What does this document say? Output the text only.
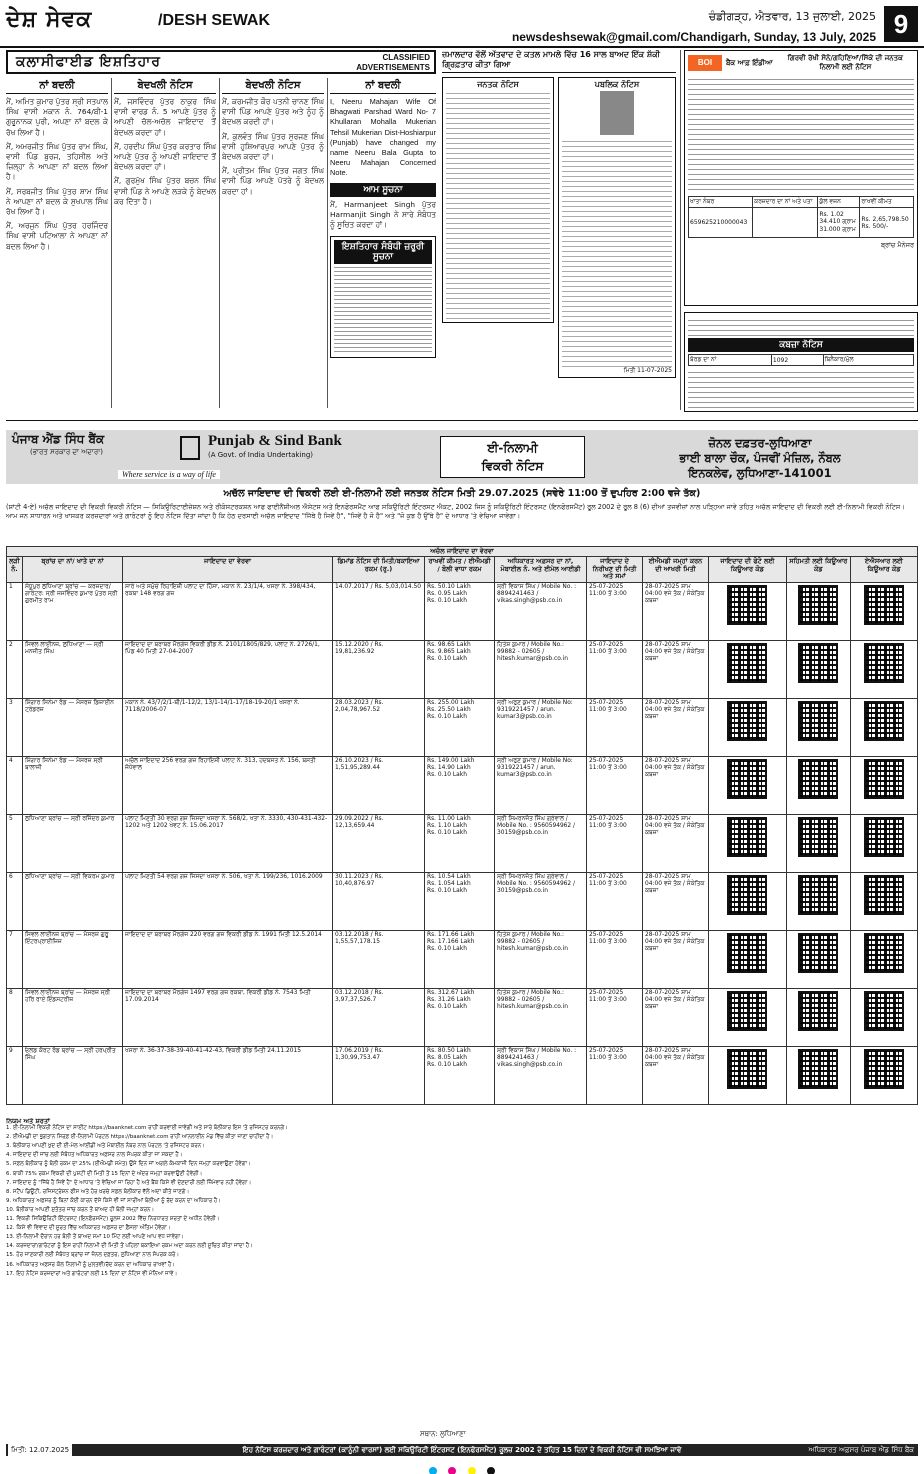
ਦੇਸ਼ ਸੇਵਕ	/DESH SEWAK	ਚੰਡੀਗੜ੍ਹ, ਐਤਵਾਰ, 13 ਜੁਲਾਈ, 2025
newsdeshsewak@gmail.com/Chandigarh, Sunday, 13 July, 2025 9
ਕਲਾਸੀਫਾਈਡ ਇਸ਼ਤਿਹਾਰ	CLASSIFIED ADVERTISEMENTS
ਨਾਂ ਬਦਲੀ

ਮੈਂ, ਅਮਿਤ ਕੁਮਾਰ ਪੁੱਤਰ ਸ੍ਰੀ ਸਤਪਾਲ ਸਿੰਘ ਵਾਸੀ ਮਕਾਨ ਨੰ. 764/ਬੀ-1 ਗੁਰੂਨਾਨਕ ਪੁਰੀ, ਅਪਣਾ ਨਾਂ ਬਦਲ ਕੇ ਰੱਖ ਲਿਆ ਹੈ।

ਮੈਂ, ਅਮਰਜੀਤ ਸਿੰਘ ਪੁੱਤਰ ਰਾਮ ਸਿੰਘ, ਵਾਸੀ ਪਿੰਡ ਬੁਰਜ, ਤਹਿਸੀਲ ਅਤੇ ਜ਼ਿਲ੍ਹਾ ਨੇ ਆਪਣਾ ਨਾਂ ਬਦਲ ਲਿਆ ਹੈ।

ਮੈਂ, ਸਰਬਜੀਤ ਸਿੰਘ ਪੁੱਤਰ ਸ਼ਾਮ ਸਿੰਘ ਨੇ ਆਪਣਾ ਨਾਂ ਬਦਲ ਕੇ ਸੁਖਪਾਲ ਸਿੰਘ ਰੱਖ ਲਿਆ ਹੈ।

ਮੈਂ, ਅਰਜੁਨ ਸਿੰਘ ਪੁੱਤਰ ਹਰਜਿੰਦਰ ਸਿੰਘ ਵਾਸੀ ਪਟਿਆਲਾ ਨੇ ਆਪਣਾ ਨਾਂ ਬਦਲ ਲਿਆ ਹੈ।

ਬੇਦਖਲੀ ਨੋਟਿਸ

ਮੈਂ, ਜਸਵਿੰਦਰ ਪੁੱਤਰ ਠਾਕੁਰ ਸਿੰਘ ਵਾਸੀ ਵਾਰਡ ਨੰ. 5 ਆਪਣੇ ਪੁੱਤਰ ਨੂੰ ਆਪਣੀ ਚੱਲ-ਅਚੱਲ ਜਾਇਦਾਦ ਤੋਂ ਬੇਦਖਲ ਕਰਦਾ ਹਾਂ।

ਮੈਂ, ਹਰਦੀਪ ਸਿੰਘ ਪੁੱਤਰ ਕਰਤਾਰ ਸਿੰਘ ਆਪਣੇ ਪੁੱਤਰ ਨੂੰ ਆਪਣੀ ਜਾਇਦਾਦ ਤੋਂ ਬੇਦਖਲ ਕਰਦਾ ਹਾਂ।

ਮੈਂ, ਗੁਰਮੁੱਖ ਸਿੰਘ ਪੁੱਤਰ ਬਚਨ ਸਿੰਘ ਵਾਸੀ ਪਿੰਡ ਨੇ ਆਪਣੇ ਲੜਕੇ ਨੂੰ ਬੇਦਖਲ ਕਰ ਦਿੱਤਾ ਹੈ।

ਬੇਦਖਲੀ ਨੋਟਿਸ

ਮੈਂ, ਕਰਮਜੀਤ ਕੌਰ ਪਤਨੀ ਚਾਨਣ ਸਿੰਘ ਵਾਸੀ ਪਿੰਡ ਆਪਣੇ ਪੁੱਤਰ ਅਤੇ ਨੂੰਹ ਨੂੰ ਬੇਦਖਲ ਕਰਦੀ ਹਾਂ।

ਮੈਂ, ਕੁਲਵੰਤ ਸਿੰਘ ਪੁੱਤਰ ਸੁਰਜਣ ਸਿੰਘ ਵਾਸੀ ਹੁਸ਼ਿਆਰਪੁਰ ਆਪਣੇ ਪੁੱਤਰ ਨੂੰ ਬੇਦਖਲ ਕਰਦਾ ਹਾਂ।

ਮੈਂ, ਪ੍ਰੀਤਮ ਸਿੰਘ ਪੁੱਤਰ ਜਗਤ ਸਿੰਘ ਵਾਸੀ ਪਿੰਡ ਆਪਣੇ ਪੋਤਰੇ ਨੂੰ ਬੇਦਖਲ ਕਰਦਾ ਹਾਂ।

ਨਾਂ ਬਦਲੀ

I, Neeru Mahajan Wife Of Bhagwati Parshad Ward No- 7 Khullaran Mohalla Mukerian Tehsil Mukerian Dist-Hoshiarpur (Punjab) have changed my name Neeru Bala Gupta to Neeru Mahajan Concerned Note.

ਆਮ ਸੂਚਨਾ

ਮੈਂ, Harmanjeet Singh ਪੁੱਤਰ Harmanjit Singh ਨੇ ਸਾਰੇ ਸੰਬੰਧਤ ਨੂੰ ਸੂਚਿਤ ਕਰਦਾ ਹਾਂ।

ਇਸ਼ਤਿਹਾਰ ਸੰਬੰਧੀ ਜ਼ਰੂਰੀ ਸੂਚਨਾ
ਜ਼ਮਾਲਦਾਰ ਵੱਲੋਂ ਅੱਤਵਾਦ ਦੇ ਕਤਲ ਮਾਮਲੇ ਵਿੱਚ 16 ਸਾਲ ਬਾਅਦ ਇੱਕ ਸ਼ੱਕੀ ਗ੍ਰਿਫ਼ਤਾਰ ਕੀਤਾ ਗਿਆ
ਜਨਤਕ ਨੋਟਿਸ	ਪਬਲਿਕ ਨੋਟਿਸ
ਮਿਤੀ 11-07-2025
BOI	ਬੈਂਕ ਆਫ਼ ਇੰਡੀਆ
ਗਿਰਵੀ ਰੱਖੀ ਸੋਨੇ/ਗਹਿਣਿਆਂ/ਸਿੱਕੇ ਦੀ ਜਨਤਕ ਨਿਲਾਮੀ ਲਈ ਨੋਟਿਸ
ਖਾਤਾ ਨੰਬਰ	ਕਰਜ਼ਦਾਰ ਦਾ ਨਾਂ ਅਤੇ ਪਤਾ	ਕੁੱਲ ਵਜ਼ਨ	ਰਾਖਵੀਂ ਕੀਮਤ
659625210000043		Rs. 1.02
34.410 ਗ੍ਰਾਮ
31.000 ਗ੍ਰਾਮ	Rs. 2,65,798.50
Rs. 500/-
ਬ੍ਰਾਂਚ ਮੈਨੇਜਰ
ਕਬਜ਼ਾ ਨੋਟਿਸ
ਬੋਰਡ ਦਾ ਨਾਂ	1092	ਬਿਨੈਕਾਰ/ਮੁੱਲ
ਪੰਜਾਬ ਐਂਡ ਸਿੰਧ ਬੈਂਕ
(ਭਾਰਤ ਸਰਕਾਰ ਦਾ ਅਦਾਰਾ)
Punjab & Sind Bank
(A Govt. of India Undertaking)
Where service is a way of life
ਈ-ਨਿਲਾਮੀ
ਵਿਕਰੀ ਨੋਟਿਸ
ਜ਼ੋਨਲ ਦਫ਼ਤਰ-ਲੁਧਿਆਣਾ
ਭਾਈ ਬਾਲਾ ਚੌਕ, ਪੰਜਵੀਂ ਮੰਜ਼ਿਲ, ਨੌਬਲ
ਇਨਕਲੇਵ, ਲੁਧਿਆਣਾ-141001
ਅਚੱਲ ਜਾਇਦਾਦ ਦੀ ਵਿਕਰੀ ਲਈ ਈ-ਨਿਲਾਮੀ ਲਈ ਜਨਤਕ ਨੋਟਿਸ ਮਿਤੀ 29.07.2025 (ਸਵੇਰੇ 11:00 ਤੋਂ ਦੁਪਹਿਰ 2:00 ਵਜੇ ਤੱਕ)
(ਸ਼ਾਂਟੀ 4-ਏ) ਅਚੱਲ ਜਾਇਦਾਦ ਦੀ ਵਿਕਰੀ ਵਿਕਰੀ ਨੋਟਿਸ — ਸਿਕਿਉਰਿਟਾਈਜ਼ੇਸ਼ਨ ਅਤੇ ਰੀਕੰਸਟਰਕਸ਼ਨ ਆਫ ਫਾਈਨੈਂਸ਼ੀਅਲ ਐਸੇਟਸ ਅਤੇ ਇਨਫੋਰਸਮੈਂਟ ਆਫ ਸਕਿਉਰਿਟੀ ਇੰਟਰਸਟ ਐਕਟ, 2002 ਜਿਸ ਨੂੰ ਸਕਿਉਰਿਟੀ ਇੰਟਰਸਟ (ਇਨਫੋਰਸਮੈਂਟ) ਰੂਲ 2002 ਦੇ ਰੂਲ 8 (6) ਦੀਆਂ ਤਜਵੀਜ਼ਾਂ ਨਾਲ ਪੜ੍ਹਿਆ ਜਾਵੇ ਤਹਿਤ ਅਚੱਲ ਜਾਇਦਾਦ ਦੀ ਵਿਕਰੀ ਲਈ ਈ-ਨਿਲਾਮੀ ਵਿਕਰੀ ਨੋਟਿਸ। ਆਮ ਜਨ ਸਾਧਾਰਨ ਅਤੇ ਖਾਸਕਰ ਕਰਜ਼ਦਾਰਾਂ ਅਤੇ ਗਾਰੰਟਰਾਂ ਨੂੰ ਇਹ ਨੋਟਿਸ ਦਿੱਤਾ ਜਾਂਦਾ ਹੈ ਕਿ ਹੇਠ ਦਰਸਾਈ ਅਚੱਲ ਜਾਇਦਾਦ "ਜਿੱਥੇ ਹੈ ਜਿਵੇਂ ਹੈ", "ਜਿਵੇਂ ਹੈ ਜੋ ਹੈ" ਅਤੇ "ਜੋ ਕੁਝ ਹੈ ਉੱਥੇ ਹੈ" ਦੇ ਆਧਾਰ 'ਤੇ ਵੇਚਿਆ ਜਾਵੇਗਾ।
ਅਚੱਲ ਜਾਇਦਾਦ ਦਾ ਵੇਰਵਾ										
ਲੜੀ ਨੰ.	ਬ੍ਰਾਂਚ ਦਾ ਨਾਂ/ ਖਾਤੇ ਦਾ ਨਾਂ	ਜਾਇਦਾਦ ਦਾ ਵੇਰਵਾ	ਡਿਮਾਂਡ ਨੋਟਿਸ ਦੀ ਮਿਤੀ/ਬਕਾਇਆ ਰਕਮ (ਰੁ.)	ਰਾਖਵੀਂ ਕੀਮਤ / ਈਐਮਡੀ / ਬੋਲੀ ਵਾਧਾ ਰਕਮ	ਅਧਿਕਾਰਤ ਅਫ਼ਸਰ ਦਾ ਨਾਂ, ਮੋਬਾਈਲ ਨੰ. ਅਤੇ ਈਮੇਲ ਆਈਡੀ	ਜਾਇਦਾਦ ਦੇ ਨਿਰੀਖਣ ਦੀ ਮਿਤੀ ਅਤੇ ਸਮਾਂ	ਈਐਮਡੀ ਜਮ੍ਹਾਂ ਕਰਨ ਦੀ ਆਖਰੀ ਮਿਤੀ	ਜਾਇਦਾਦ ਦੀ ਫੋਟੋ ਲਈ ਕਿਊਆਰ ਕੋਡ	ਸਹਿਮਤੀ ਲਈ ਕਿਊਆਰ ਕੋਡ	ਏਐਸਆਰ ਲਈ ਕਿਊਆਰ ਕੋਡ
1	ਸੰਧੂਪੁਰ ਲੁਧਿਆਣਾ ਬ੍ਰਾਂਚ — ਕਰਜ਼ਦਾਰ/ਗਾਰੰਟਰ: ਸ੍ਰੀ ਜਸਵਿੰਦਰ ਕੁਮਾਰ ਪੁੱਤਰ ਸ੍ਰੀ ਗੁਰਮੀਤ ਰਾਮ	ਸਾਰੇ ਅਤੇ ਸਮੁੱਚੇ ਰਿਹਾਇਸ਼ੀ ਪਲਾਟ ਦਾ ਹਿੱਸਾ, ਮਕਾਨ ਨੰ. 23/1/4, ਖਸਰਾ ਨੰ. 398/434, ਰਕਬਾ 148 ਵਰਗ ਗਜ਼	14.07.2017 / Rs. 5,03,014.50	Rs. 50.10 Lakh
Rs. 0.95 Lakh
Rs. 0.10 Lakh	ਸ੍ਰੀ ਵਿਕਾਸ ਸਿੰਘ / Mobile No. : 8894241463 / vikas.singh@psb.co.in	25-07-2025 11:00 ਤੋਂ 3:00	28-07-2025 ਸ਼ਾਮ 04:00 ਵਜੇ ਤੱਕ / ਸੰਕੇਤਿਕ ਕਬਜ਼ਾ	

2	ਸਿਵਲ ਲਾਈਨਜ਼, ਲੁਧਿਆਣਾ — ਸ੍ਰੀ ਮਨਜੀਤ ਸਿੰਘ	ਜਾਇਦਾਦ ਦਾ ਬਰਾਬਰ ਮੌਰਗੇਜ ਵਿਕਰੀ ਡੀਡ ਨੰ. 2101/1805/829, ਪਲਾਟ ਨੰ. 2726/1, ਪਿੰਡ 40 ਮਿਤੀ 27-04-2007	15.12.2020 / Rs. 19,81,236.92	Rs. 98.65 Lakh
Rs. 9.865 Lakh
Rs. 0.10 Lakh	ਹਿਤੇਸ਼ ਕੁਮਾਰ / Mobile No.: 99882 - 02605 / hitesh.kumar@psb.co.in	25-07-2025 11:00 ਤੋਂ 3:00	28-07-2025 ਸ਼ਾਮ 04:00 ਵਜੇ ਤੱਕ / ਸੰਕੇਤਿਕ ਕਬਜ਼ਾ	

3	ਸ਼ਿੰਗਾਰ ਸਿਨੇਮਾ ਰੋਡ — ਮੈਸਰਜ਼ ਡਿਜ਼ਾਈਨ ਟ੍ਰੇਡਰਜ਼	ਮਕਾਨ ਨੰ. 43/7/2/1-ਬੀ/1-12/2, 13/1-14/1-17/18-19-20/1 ਖਸਰਾ ਨੰ. 7118/2006-07	28.03.2023 / Rs. 2,04,78,967.52	Rs. 255.00 Lakh
Rs. 25.50 Lakh
Rs. 0.10 Lakh	ਸ੍ਰੀ ਅਰੁਣ ਕੁਮਾਰ / Mobile No: 9319221457 / arun. kumar3@psb.co.in	25-07-2025 11:00 ਤੋਂ 3:00	28-07-2025 ਸ਼ਾਮ 04:00 ਵਜੇ ਤੱਕ / ਸੰਕੇਤਿਕ ਕਬਜ਼ਾ	

4	ਸ਼ਿੰਗਾਰ ਸਿਨੇਮਾ ਰੋਡ — ਮੈਸਰਜ਼ ਸ੍ਰੀ ਬਾਲਾਜੀ	ਅਚੱਲ ਜਾਇਦਾਦ 256 ਵਰਗ ਗਜ਼ ਰਿਹਾਇਸ਼ੀ ਪਲਾਟ ਨੰ. 313, ਹਦਬਸਤ ਨੰ. 156, ਬਸਤੀ ਜੋਧੇਵਾਲ	26.10.2023 / Rs. 1,51,95,289.44	Rs. 149.00 Lakh
Rs. 14.90 Lakh
Rs. 0.10 Lakh	ਸ੍ਰੀ ਅਰੁਣ ਕੁਮਾਰ / Mobile No: 9319221457 / arun. kumar3@psb.co.in	25-07-2025 11:00 ਤੋਂ 3:00	28-07-2025 ਸ਼ਾਮ 04:00 ਵਜੇ ਤੱਕ / ਸੰਕੇਤਿਕ ਕਬਜ਼ਾ	

5	ਲੁਧਿਆਣਾ ਬ੍ਰਾਂਚ — ਸ੍ਰੀ ਰਜਿੰਦਰ ਕੁਮਾਰ	ਪਲਾਟ ਮਿਣਤੀ 30 ਵਰਗ ਗਜ਼ ਜਿਸਦਾ ਖਸਰਾ ਨੰ. 568/2, ਖਤਾ ਨੰ. 3330, 430-431-432-1202 ਅਤੇ 1202 ਖੇਵਟ ਨੰ. 15.06.2017	29.09.2022 / Rs. 12,13,659.44	Rs. 11.00 Lakh
Rs. 1.10 Lakh
Rs. 0.10 Lakh	ਸ੍ਰੀ ਸਿਮਰਨਜੋਤ ਸਿੰਘ ਗ੍ਰੇਵਾਲ / Mobile No. : 9560594962 / 30159@psb.co.in	25-07-2025 11:00 ਤੋਂ 3:00	28-07-2025 ਸ਼ਾਮ 04:00 ਵਜੇ ਤੱਕ / ਸੰਕੇਤਿਕ ਕਬਜ਼ਾ	

6	ਲੁਧਿਆਣਾ ਬ੍ਰਾਂਚ — ਸ੍ਰੀ ਵਿਕਰਮ ਕੁਮਾਰ	ਪਲਾਟ ਮਿਣਤੀ 54 ਵਰਗ ਗਜ਼ ਜਿਸਦਾ ਖਸਰਾ ਨੰ. 506, ਖਤਾ ਨੰ. 199/236, 1016.2009	30.11.2023 / Rs. 10,40,876.97	Rs. 10.54 Lakh
Rs. 1.054 Lakh
Rs. 0.10 Lakh	ਸ੍ਰੀ ਸਿਮਰਨਜੋਤ ਸਿੰਘ ਗ੍ਰੇਵਾਲ / Mobile No. : 9560594962 / 30159@psb.co.in	25-07-2025 11:00 ਤੋਂ 3:00	28-07-2025 ਸ਼ਾਮ 04:00 ਵਜੇ ਤੱਕ / ਸੰਕੇਤਿਕ ਕਬਜ਼ਾ	

7	ਸਿਵਲ ਲਾਈਨਜ਼ ਬ੍ਰਾਂਚ — ਮੈਸਰਜ਼ ਗੁਰੂ ਇੰਟਰਪ੍ਰਾਈਜ਼ਿਜ਼	ਜਾਇਦਾਦ ਦਾ ਬਰਾਬਰ ਮੌਰਗੇਜ 220 ਵਰਗ ਗਜ਼ ਵਿਕਰੀ ਡੀਡ ਨੰ. 1991 ਮਿਤੀ 12.5.2014	03.12.2018 / Rs. 1,55,57,178.15	Rs. 171.66 Lakh
Rs. 17.166 Lakh
Rs. 0.10 Lakh	ਹਿਤੇਸ਼ ਕੁਮਾਰ / Mobile No.: 99882 - 02605 / hitesh.kumar@psb.co.in	25-07-2025 11:00 ਤੋਂ 3:00	28-07-2025 ਸ਼ਾਮ 04:00 ਵਜੇ ਤੱਕ / ਸੰਕੇਤਿਕ ਕਬਜ਼ਾ	

8	ਸਿਵਲ ਲਾਈਨਜ਼ ਬ੍ਰਾਂਚ — ਮੈਸਰਜ਼ ਸ੍ਰੀ ਹਰਿ ਰਾਏ ਇੰਡਸਟਰੀਜ਼	ਜਾਇਦਾਦ ਦਾ ਬਰਾਬਰ ਮੌਰਗੇਜ 1497 ਵਰਗ ਗਜ਼ ਰਕਬਾ, ਵਿਕਰੀ ਡੀਡ ਨੰ. 7543 ਮਿਤੀ 17.09.2014	03.12.2018 / Rs. 3,97,37,526.7	Rs. 312.67 Lakh
Rs. 31.26 Lakh
Rs. 0.10 Lakh	ਹਿਤੇਸ਼ ਕੁਮਾਰ / Mobile No.: 99882 - 02605 / hitesh.kumar@psb.co.in	25-07-2025 11:00 ਤੋਂ 3:00	28-07-2025 ਸ਼ਾਮ 04:00 ਵਜੇ ਤੱਕ / ਸੰਕੇਤਿਕ ਕਬਜ਼ਾ	

9	ਓਲਡ ਕੋਰਟ ਰੋਡ ਬ੍ਰਾਂਚ — ਸ੍ਰੀ ਹਰਪ੍ਰੀਤ ਸਿੰਘ	ਖਸਰਾ ਨੰ. 36-37-38-39-40-41-42-43, ਵਿਕਰੀ ਡੀਡ ਮਿਤੀ 24.11.2015	17.06.2019 / Rs. 1,30,99,753.47	Rs. 80.50 Lakh
Rs. 8.05 Lakh
Rs. 0.10 Lakh	ਸ੍ਰੀ ਵਿਕਾਸ ਸਿੰਘ / Mobile No. : 8894241463 / vikas.singh@psb.co.in	25-07-2025 11:00 ਤੋਂ 3:00	28-07-2025 ਸ਼ਾਮ 04:00 ਵਜੇ ਤੱਕ / ਸੰਕੇਤਿਕ ਕਬਜ਼ਾ	

ਨਿਯਮ ਅਤੇ ਸ਼ਰਤਾਂ
1. ਈ-ਨਿਲਾਮੀ ਵਿਕਰੀ ਨੋਟਿਸ ਦਾ ਸਾਈਟ https://baanknet.com ਰਾਹੀਂ ਕਰਵਾਈ ਜਾਵੇਗੀ ਅਤੇ ਸਾਰੇ ਬੋਲੀਕਾਰ ਇਸ 'ਤੇ ਰਜਿਸਟਰ ਕਰਨਗੇ।
2. ਈਐਮਡੀ ਦਾ ਭੁਗਤਾਨ ਸਿਰਫ਼ ਈ-ਨਿਲਾਮੀ ਪੋਰਟਲ https://baanknet.com ਰਾਹੀਂ ਆਨਲਾਈਨ ਮੋਡ ਵਿੱਚ ਕੀਤਾ ਜਾਣਾ ਚਾਹੀਦਾ ਹੈ।
3. ਬੋਲੀਕਾਰ ਆਪਣੀ ਖੁਦ ਦੀ ਈ-ਮੇਲ ਆਈਡੀ ਅਤੇ ਮੋਬਾਈਲ ਨੰਬਰ ਨਾਲ ਪੋਰਟਲ 'ਤੇ ਰਜਿਸਟਰ ਕਰਨ।
4. ਜਾਇਦਾਦ ਦੀ ਜਾਂਚ ਲਈ ਸੰਬੰਧਤ ਅਧਿਕਾਰਤ ਅਫ਼ਸਰ ਨਾਲ ਸੰਪਰਕ ਕੀਤਾ ਜਾ ਸਕਦਾ ਹੈ।
5. ਸਫ਼ਲ ਬੋਲੀਕਾਰ ਨੂੰ ਬੋਲੀ ਰਕਮ ਦਾ 25% (ਈਐਮਡੀ ਸਮੇਤ) ਉਸੇ ਦਿਨ ਜਾਂ ਅਗਲੇ ਕੰਮਕਾਜੀ ਦਿਨ ਜਮ੍ਹਾਂ ਕਰਵਾਉਣਾ ਹੋਵੇਗਾ।
6. ਬਾਕੀ 75% ਰਕਮ ਵਿਕਰੀ ਦੀ ਪੁਸ਼ਟੀ ਦੀ ਮਿਤੀ ਤੋਂ 15 ਦਿਨਾਂ ਦੇ ਅੰਦਰ ਜਮ੍ਹਾਂ ਕਰਵਾਉਣੀ ਹੋਵੇਗੀ।
7. ਜਾਇਦਾਦ ਨੂੰ "ਜਿੱਥੇ ਹੈ ਜਿਵੇਂ ਹੈ" ਦੇ ਆਧਾਰ 'ਤੇ ਵੇਚਿਆ ਜਾ ਰਿਹਾ ਹੈ ਅਤੇ ਬੈਂਕ ਕਿਸੇ ਵੀ ਦੇਣਦਾਰੀ ਲਈ ਜ਼ਿੰਮੇਵਾਰ ਨਹੀਂ ਹੋਵੇਗਾ।
8. ਸਟੈਂਪ ਡਿਊਟੀ, ਰਜਿਸਟ੍ਰੇਸ਼ਨ ਫੀਸ ਅਤੇ ਹੋਰ ਖ਼ਰਚੇ ਸਫ਼ਲ ਬੋਲੀਕਾਰ ਵੱਲੋਂ ਅਦਾ ਕੀਤੇ ਜਾਣਗੇ।
9. ਅਧਿਕਾਰਤ ਅਫ਼ਸਰ ਨੂੰ ਬਿਨਾਂ ਕੋਈ ਕਾਰਨ ਦੱਸੇ ਕਿਸੇ ਵੀ ਜਾਂ ਸਾਰੀਆਂ ਬੋਲੀਆਂ ਨੂੰ ਰੱਦ ਕਰਨ ਦਾ ਅਧਿਕਾਰ ਹੈ।
10. ਬੋਲੀਕਾਰ ਆਪਣੀ ਸੁਤੰਤਰ ਜਾਂਚ ਕਰਨ ਤੋਂ ਬਾਅਦ ਹੀ ਬੋਲੀ ਜਮ੍ਹਾਂ ਕਰਨ।
11. ਵਿਕਰੀ ਸਿਕਿਉਰਿਟੀ ਇੰਟਰਸਟ (ਇਨਫੋਰਸਮੈਂਟ) ਰੂਲਜ਼ 2002 ਵਿੱਚ ਨਿਰਧਾਰਤ ਸ਼ਰਤਾਂ ਦੇ ਅਧੀਨ ਹੋਵੇਗੀ।
12. ਕਿਸੇ ਵੀ ਵਿਵਾਦ ਦੀ ਸੂਰਤ ਵਿੱਚ ਅਧਿਕਾਰਤ ਅਫ਼ਸਰ ਦਾ ਫ਼ੈਸਲਾ ਅੰਤਿਮ ਹੋਵੇਗਾ।
13. ਈ-ਨਿਲਾਮੀ ਦੌਰਾਨ ਹਰ ਬੋਲੀ ਤੋਂ ਬਾਅਦ ਸਮਾਂ 10 ਮਿੰਟ ਲਈ ਆਪਣੇ ਆਪ ਵਧ ਜਾਵੇਗਾ।
14. ਕਰਜ਼ਦਾਰਾਂ/ਗਾਰੰਟਰਾਂ ਨੂੰ ਇਸ ਰਾਹੀਂ ਨਿਲਾਮੀ ਦੀ ਮਿਤੀ ਤੋਂ ਪਹਿਲਾਂ ਬਕਾਇਆ ਰਕਮ ਅਦਾ ਕਰਨ ਲਈ ਸੂਚਿਤ ਕੀਤਾ ਜਾਂਦਾ ਹੈ।
15. ਹੋਰ ਜਾਣਕਾਰੀ ਲਈ ਸੰਬੰਧਤ ਬ੍ਰਾਂਚ ਜਾਂ ਜ਼ੋਨਲ ਦਫ਼ਤਰ, ਲੁਧਿਆਣਾ ਨਾਲ ਸੰਪਰਕ ਕਰੋ।
16. ਅਧਿਕਾਰਤ ਅਫ਼ਸਰ ਕੋਲ ਨਿਲਾਮੀ ਨੂੰ ਮੁਲਤਵੀ/ਰੱਦ ਕਰਨ ਦਾ ਅਧਿਕਾਰ ਰਾਖਵਾਂ ਹੈ।
17. ਇਹ ਨੋਟਿਸ ਕਰਜ਼ਦਾਰਾਂ ਅਤੇ ਗਾਰੰਟਰਾਂ ਲਈ 15 ਦਿਨਾਂ ਦਾ ਨੋਟਿਸ ਵੀ ਮੰਨਿਆ ਜਾਵੇ।
ਇਹ ਨੋਟਿਸ ਕਰਜ਼ਦਾਰ ਅਤੇ ਗਾਰੰਟਰਾਂ (ਕਾਨੂੰਨੀ ਵਾਰਸਾਂ) ਲਈ ਸਕਿਉਰਿਟੀ ਇੰਟਰਸਟ (ਇਨਫੋਰਸਮੈਂਟ) ਰੂਲਜ਼ 2002 ਦੇ ਤਹਿਤ 15 ਦਿਨਾਂ ਦੇ ਵਿਕਰੀ ਨੋਟਿਸ ਵੀ ਸਮਝਿਆ ਜਾਵੇ
ਮਿਤੀ: 12.07.2025	ਅਧਿਕਾਰਤ ਅਫ਼ਸਰ ਪੰਜਾਬ ਐਂਡ ਸਿੰਧ ਬੈਂਕ
ਸਥਾਨ: ਲੁਧਿਆਣਾ
